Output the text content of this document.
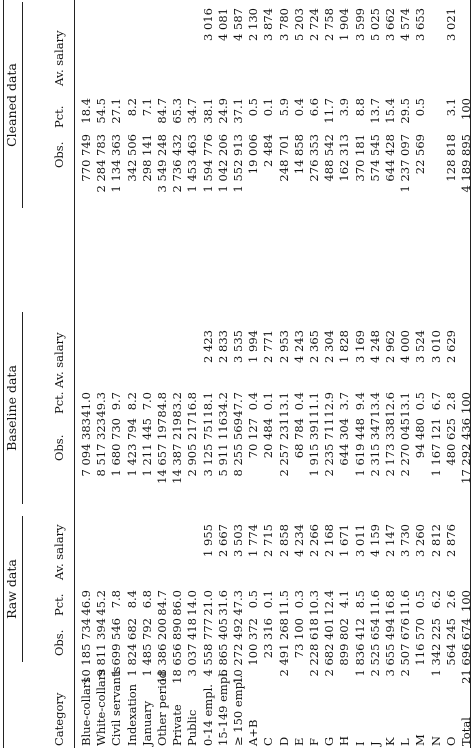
Category
Raw data
Baseline data
Cleaned data
Obs.
Pct.
Av. salary
Obs.
Pct.
Av. salary
Obs.
Pct.
Av. salary
Blue-collars
10 185 734
46.9
7 094 383
41.0
770 749
18.4
White-collars
9 811 394
45.2
8 517 323
49.3
2 284 783
54.5
Civil servants
1 699 546
7.8
1 680 730
9.7
1 134 363
27.1
Indexation
1 824 682
8.4
1 423 794
8.2
342 506
8.2
January
1 485 792
6.8
1 211 445
7.0
298 141
7.1
Other period
18 386 200
84.7
14 657 197
84.8
3 549 248
84.7
Private
18 656 890
86.0
14 387 219
83.2
2 736 432
65.3
Public
3 037 418
14.0
2 905 217
16.8
1 453 463
34.7
0-14 empl.
4 558 777
21.0
1 955
3 125 751
18.1
2 423
1 594 776
38.1
3 016
15-149 empl.
6 865 405
31.6
2 667
5 911 116
34.2
2 833
1 042 206
24.9
4 081
≥ 150 empl.
10 272 492
47.3
3 503
8 255 569
47.7
3 535
1 552 913
37.1
4 587
A+B
100 372
0.5
1 774
70 127
0.4
1 994
19 006
0.5
2 130
C
23 316
0.1
2 715
20 484
0.1
2 771
2 484
0.1
3 874
D
2 491 268
11.5
2 858
2 257 231
13.1
2 953
248 701
5.9
3 780
E
73 100
0.3
4 234
68 784
0.4
4 243
14 858
0.4
5 203
F
2 228 618
10.3
2 266
1 915 391
11.1
2 365
276 353
6.6
2 724
G
2 682 401
12.4
2 168
2 235 711
12.9
2 304
488 542
11.7
2 758
H
899 802
4.1
1 671
644 304
3.7
1 828
162 313
3.9
1 904
I
1 836 412
8.5
3 011
1 619 448
9.4
3 169
370 181
8.8
3 599
J
2 525 654
11.6
4 159
2 315 347
13.4
4 248
574 545
13.7
5 025
K
3 655 494
16.8
2 147
2 173 338
12.6
2 962
644 428
15.4
3 662
L
2 507 676
11.6
3 730
2 270 045
13.1
4 000
1 237 097
29.5
4 574
M
116 570
0.5
3 260
94 480
0.5
3 524
22 569
0.5
3 653
N
1 342 225
6.2
2 812
1 167 121
6.7
3 010
O
564 245
2.6
2 876
480 625
2.8
2 629
128 818
3.1
3 021
Total
21 696 674
100
17 292 436
100
4 189 895
100
